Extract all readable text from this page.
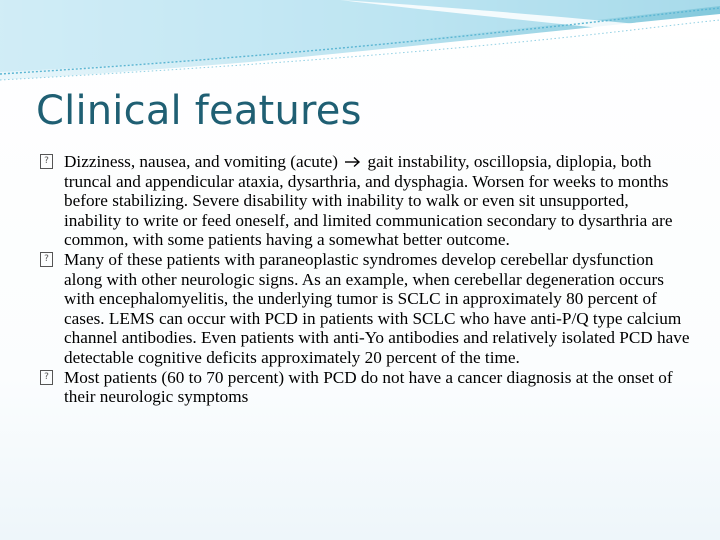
Clinical features

? Dizziness, nausea, and vomiting (acute) gait instability, oscillopsia, diplopia, both truncal and appendicular ataxia, dysarthria, and dysphagia. Worsen for weeks to months before stabilizing. Severe disability with inability to walk or even sit unsupported, inability to write or feed oneself, and limited communication secondary to dysarthria are common, with some patients having a somewhat better outcome.

? Many of these patients with paraneoplastic syndromes develop cerebellar dysfunction along with other neurologic signs. As an example, when cerebellar degeneration occurs with encephalomyelitis, the underlying tumor is SCLC in approximately 80 percent of cases. LEMS can occur with PCD in patients with SCLC who have anti-P/Q type calcium channel antibodies. Even patients with anti-Yo antibodies and relatively isolated PCD have detectable cognitive deficits approximately 20 percent of the time.

? Most patients (60 to 70 percent) with PCD do not have a cancer diagnosis at the onset of their neurologic symptoms
